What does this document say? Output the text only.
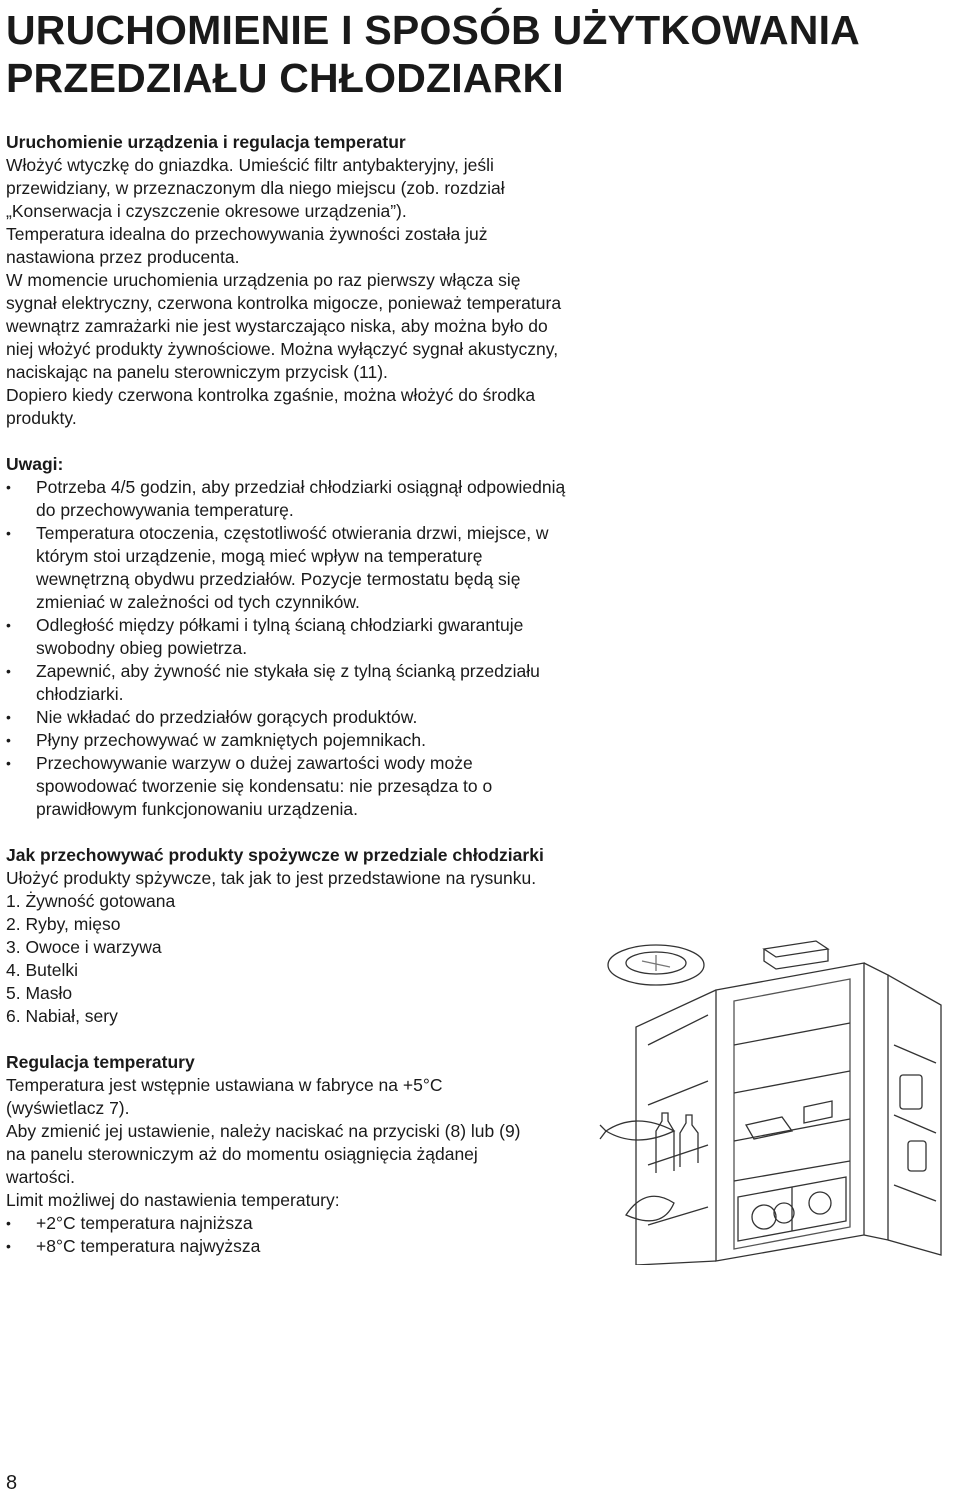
URUCHOMIENIE I SPOSÓB UŻYTKOWANIA
PRZEDZIAŁU CHŁODZIARKI

Uruchomienie urządzenia i regulacja temperatur

Włożyć wtyczkę do gniazdka. Umieścić filtr antybakteryjny, jeśli

przewidziany, w przeznaczonym dla niego miejscu (zob. rozdział

„Konserwacja i czyszczenie okresowe urządzenia”).

Temperatura idealna do przechowywania żywności została już

nastawiona przez producenta.

W momencie uruchomienia urządzenia po raz pierwszy włącza się

sygnał elektryczny, czerwona kontrolka migocze, ponieważ temperatura

wewnątrz zamrażarki nie jest wystarczająco niska, aby można było do

niej włożyć produkty żywnościowe. Można wyłączyć sygnał akustyczny,

naciskając na panelu sterowniczym przycisk (11).

Dopiero kiedy czerwona kontrolka zgaśnie, można włożyć do środka

produkty.

Uwagi:

• Potrzeba 4/5 godzin, aby przedział chłodziarki osiągnął odpowiednią
do przechowywania temperaturę.
• Temperatura otoczenia, częstotliwość otwierania drzwi, miejsce, w
którym stoi urządzenie, mogą mieć wpływ na temperaturę
wewnętrzną obydwu przedziałów. Pozycje termostatu będą się
zmieniać w zależności od tych czynników.
• Odległość między półkami i tylną ścianą chłodziarki gwarantuje
swobodny obieg powietrza.
• Zapewnić, aby żywność nie stykała się z tylną ścianką przedziału
chłodziarki.
• Nie wkładać do przedziałów gorących produktów.
• Płyny przechowywać w zamkniętych pojemnikach.
• Przechowywanie warzyw o dużej zawartości wody może
spowodować tworzenie się kondensatu: nie przesądza to o
prawidłowym funkcjonowaniu urządzenia.

Jak przechowywać produkty spożywcze w przedziale chłodziarki

Ułożyć produkty spżywcze, tak jak to jest przedstawione na rysunku.

1. Żywność gotowana
2. Ryby, mięso
3. Owoce i warzywa
4. Butelki
5. Masło
6. Nabiał, sery

Regulacja temperatury

Temperatura jest wstępnie ustawiana w fabryce na +5°C

(wyświetlacz 7).

Aby zmienić jej ustawienie, należy naciskać na przyciski (8) lub (9)

na panelu sterowniczym aż do momentu osiągnięcia żądanej

wartości.

Limit możliwej do nastawienia temperatury:

• +2°C temperatura najniższa
• +8°C temperatura najwyższa
8
